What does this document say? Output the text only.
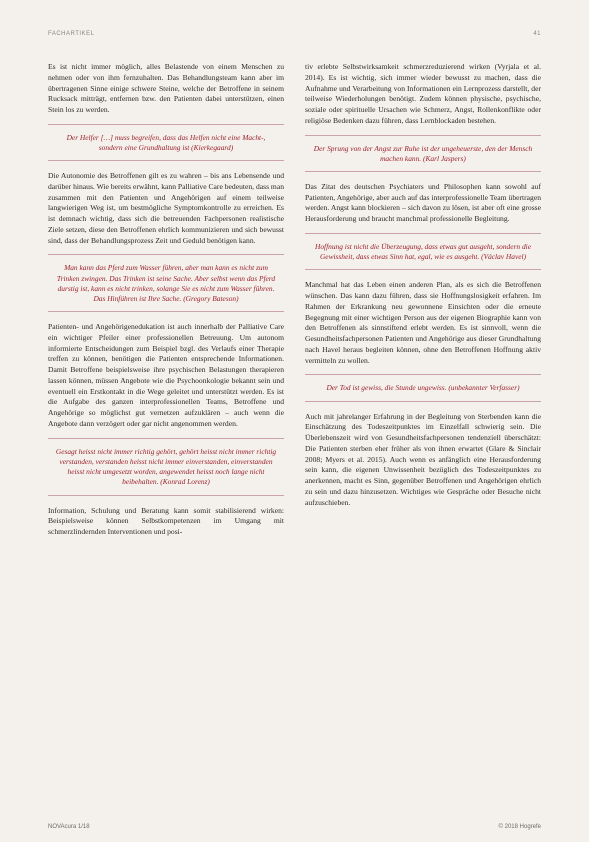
FACHARTIKEL	41

Es ist nicht immer möglich, alles Belastende von einem Menschen zu nehmen oder von ihm fernzuhalten. Das Behandlungsteam kann aber im übertragenen Sinne einige schwere Steine, welche der Betroffene in seinem Rucksack mitträgt, entfernen bzw. den Patienten dabei unterstützen, einen Stein los zu werden.

Der Helfer […] muss begreifen, dass das Helfen nicht eine Macht-, sondern eine Grundhaltung ist (Kierkegaard)

Die Autonomie des Betroffenen gilt es zu wahren – bis ans Lebensende und darüber hinaus. Wie bereits erwähnt, kann Palliative Care bedeuten, dass man zusammen mit den Patienten und Angehörigen auf einem teilweise langwierigen Weg ist, um bestmögliche Symptomkontrolle zu erreichen. Es ist demnach wichtig, dass sich die betreuenden Fachpersonen realistische Ziele setzen, diese den Betroffenen ehrlich kommunizieren und sich bewusst sind, dass der Behandlungsprozess Zeit und Geduld benötigen kann.

Man kann das Pferd zum Wasser führen, aber man kann es nicht zum Trinken zwingen. Das Trinken ist seine Sache. Aber selbst wenn das Pferd durstig ist, kann es nicht trinken, solange Sie es nicht zum Wasser führen. Das Hinführen ist Ihre Sache. (Gregory Bateson)

Patienten- und Angehörigenedukation ist auch innerhalb der Palliative Care ein wichtiger Pfeiler einer professionellen Betreuung. Um autonom informierte Entscheidungen zum Beispiel bzgl. des Verlaufs einer Therapie treffen zu können, benötigen die Patienten entsprechende Informationen. Damit Betroffene beispielsweise ihre psychischen Belastungen therapieren lassen können, müssen Angebote wie die Psychoonkologie bekannt sein und eventuell ein Erstkontakt in die Wege geleitet und unterstützt werden. Es ist die Aufgabe des ganzen interprofessionellen Teams, Betroffene und Angehörige so möglichst gut vernetzen aufzuklären – auch wenn die Angebote dann verzögert oder gar nicht angenommen werden.

Gesagt heisst nicht immer richtig gehört, gehört heisst nicht immer richtig verstanden, verstanden heisst nicht immer einverstanden, einverstanden heisst nicht umgesetzt worden, angewendet heisst noch lange nicht beibehalten. (Konrad Lorenz)

Information, Schulung und Beratung kann somit stabilisierend wirken: Beispielsweise können Selbstkompetenzen im Umgang mit schmerzlindernden Interventionen und posi-

tiv erlebte Selbstwirksamkeit schmerzreduzierend wirken (Vyrjala et al. 2014). Es ist wichtig, sich immer wieder bewusst zu machen, dass die Aufnahme und Verarbeitung von Informationen ein Lernprozess darstellt, der teilweise Wiederholungen benötigt. Zudem können physische, psychische, soziale oder spirituelle Ursachen wie Schmerz, Angst, Rollenkonflikte oder religiöse Bedenken dazu führen, dass Lernblockaden bestehen.

Der Sprung von der Angst zur Ruhe ist der ungeheuerste, den der Mensch machen kann. (Karl Jaspers)

Das Zitat des deutschen Psychiaters und Philosophen kann sowohl auf Patienten, Angehörige, aber auch auf das interprofessionelle Team übertragen werden. Angst kann blockieren – sich davon zu lösen, ist aber oft eine grosse Herausforderung und braucht manchmal professionelle Begleitung.

Hoffnung ist nicht die Überzeugung, dass etwas gut ausgeht, sondern die Gewissheit, dass etwas Sinn hat, egal, wie es ausgeht. (Václav Havel)

Manchmal hat das Leben einen anderen Plan, als es sich die Betroffenen wünschen. Das kann dazu führen, dass sie Hoffnungslosigkeit erfahren. Im Rahmen der Erkrankung neu gewonnene Einsichten oder die erneute Begegnung mit einer wichtigen Person aus der eigenen Biographie kann von den Betroffenen als sinnstiftend erlebt werden. Es ist sinnvoll, wenn die Gesundheitsfachpersonen Patienten und Angehörige aus dieser Grundhaltung nach Havel heraus begleiten können, ohne den Betroffenen Hoffnung aktiv vermitteln zu wollen.

Der Tod ist gewiss, die Stunde ungewiss. (unbekannter Verfasser)

Auch mit jahrelanger Erfahrung in der Begleitung von Sterbenden kann die Einschätzung des Todeszeitpunktes im Einzelfall schwierig sein. Die Überlebenszeit wird von Gesundheitsfachpersonen tendenziell überschätzt: Die Patienten sterben eher früher als von ihnen erwartet (Glare & Sinclair 2008; Myers et al. 2015). Auch wenn es anfänglich eine Herausforderung sein kann, die eigenen Unwissenheit bezüglich des Todeszeitpunktes zu anerkennen, macht es Sinn, gegenüber Betroffenen und Angehörigen ehrlich zu sein und dazu hinzusetzen. Wichtiges wie Gespräche oder Besuche nicht aufzuschieben.

NOVAcura 1/18	© 2018 Hogrefe
